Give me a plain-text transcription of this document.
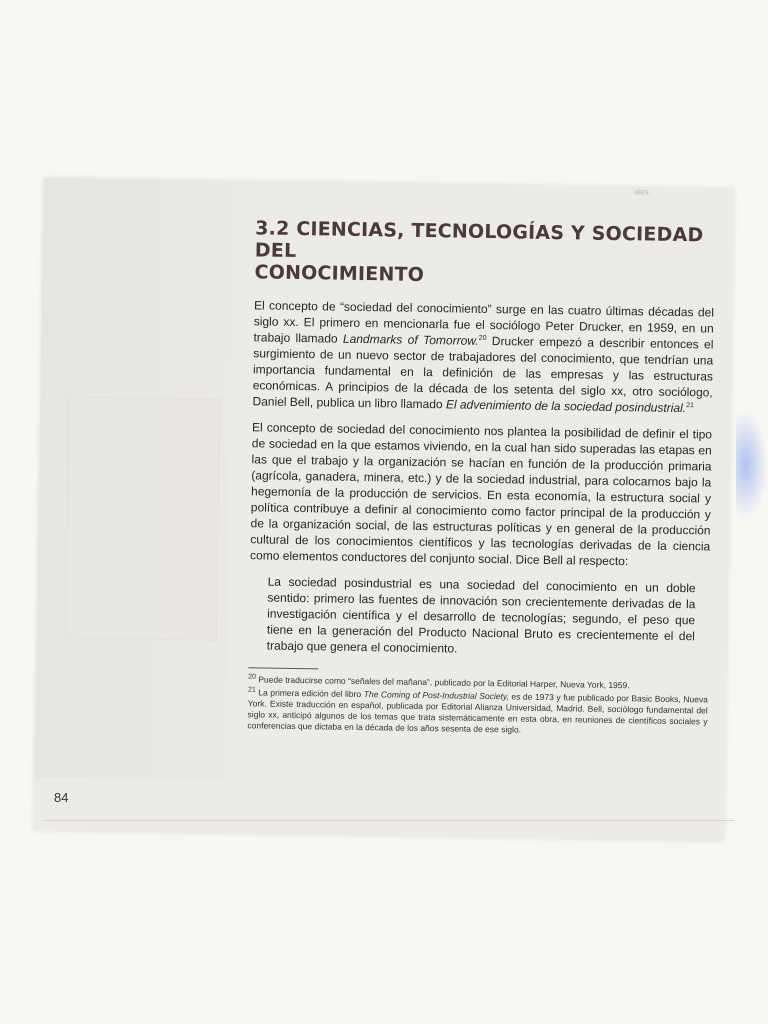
ales.
3.2 CIENCIAS, TECNOLOGÍAS Y SOCIEDAD DEL
CONOCIMIENTO

El concepto de “sociedad del conocimiento” surge en las cuatro últimas décadas del siglo xx. El primero en mencionarla fue el sociólogo Peter Drucker, en 1959, en un trabajo llamado Landmarks of Tomorrow.$^{20}$ Drucker empezó a describir entonces el surgimiento de un nuevo sector de trabajadores del conocimiento, que tendrían una importancia fundamental en la definición de las empresas y las estructuras económicas. A principios de la década de los setenta del siglo xx, otro sociólogo, Daniel Bell, publica un libro llamado El advenimiento de la sociedad posindustrial.$^{21}$

El concepto de sociedad del conocimiento nos plantea la posibilidad de definir el tipo de sociedad en la que estamos viviendo, en la cual han sido superadas las etapas en las que el trabajo y la organización se hacían en función de la producción primaria (agrícola, ganadera, minera, etc.) y de la sociedad industrial, para colocarnos bajo la hegemonía de la producción de servicios. En esta economía, la estructura social y política contribuye a definir al conocimiento como factor principal de la producción y de la organización social, de las estructuras políticas y en general de la producción cultural de los conocimientos científicos y las tecnologías derivadas de la ciencia como elementos conductores del conjunto social. Dice Bell al respecto:

La sociedad posindustrial es una sociedad del conocimiento en un doble sentido: primero las fuentes de innovación son crecientemente derivadas de la investigación científica y el desarrollo de tecnologías; segundo, el peso que tiene en la generación del Producto Nacional Bruto es crecientemente el del trabajo que genera el conocimiento.

$^{20}$ Puede traducirse como “señales del mañana”, publicado por la Editorial Harper, Nueva York, 1959.

$^{21}$ La primera edición del libro The Coming of Post-Industrial Society, es de 1973 y fue publicado por Basic Books, Nueva York. Existe traducción en español, publicada por Editorial Alianza Universidad, Madrid. Bell, sociólogo fundamental del siglo xx, anticipó algunos de los temas que trata sistemáticamente en esta obra, en reuniones de científicos sociales y conferencias que dictaba en la década de los años sesenta de ese siglo.

84
